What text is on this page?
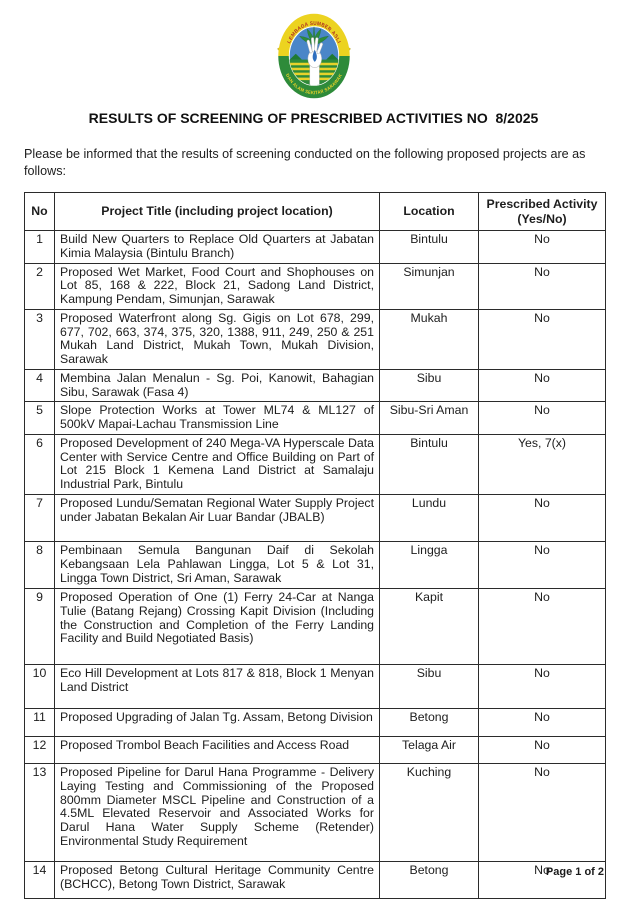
LEMBAGA SUMBER ASLI
DAN ALAM SEKITAR SARAWAK
RESULTS OF SCREENING OF PRESCRIBED ACTIVITIES NO  8/2025

Please be informed that the results of screening conducted on the following proposed projects are as follows:

No	Project Title (including project location)	Location	Prescribed Activity (Yes/No)
1	Build New Quarters to Replace Old Quarters at Jabatan Kimia Malaysia (Bintulu Branch)	Bintulu	No
2	Proposed Wet Market, Food Court and Shophouses on Lot 85, 168 & 222, Block 21, Sadong Land District, Kampung Pendam, Simunjan, Sarawak	Simunjan	No
3	Proposed Waterfront along Sg. Gigis on Lot 678, 299, 677, 702, 663, 374, 375, 320, 1388, 911, 249, 250 & 251 Mukah Land District, Mukah Town, Mukah Division, Sarawak	Mukah	No
4	Membina Jalan Menalun - Sg. Poi, Kanowit, Bahagian Sibu, Sarawak (Fasa 4)	Sibu	No
5	Slope Protection Works at Tower ML74 & ML127 of 500kV Mapai-Lachau Transmission Line	Sibu-Sri Aman	No
6	Proposed Development of 240 Mega-VA Hyperscale Data Center with Service Centre and Office Building on Part of Lot 215 Block 1 Kemena Land District at Samalaju Industrial Park, Bintulu	Bintulu	Yes, 7(x)
7	Proposed Lundu/Sematan Regional Water Supply Project under Jabatan Bekalan Air Luar Bandar (JBALB)	Lundu	No
8	Pembinaan Semula Bangunan Daif di Sekolah Kebangsaan Lela Pahlawan Lingga, Lot 5 & Lot 31, Lingga Town District, Sri Aman, Sarawak	Lingga	No
9	Proposed Operation of One (1) Ferry 24-Car at Nanga Tulie (Batang Rejang) Crossing Kapit Division (Including the Construction and Completion of the Ferry Landing Facility and Build Negotiated Basis)	Kapit	No
10	Eco Hill Development at Lots 817 & 818, Block 1 Menyan Land District	Sibu	No
11	Proposed Upgrading of Jalan Tg. Assam, Betong Division	Betong	No
12	Proposed Trombol Beach Facilities and Access Road	Telaga Air	No
13	Proposed Pipeline for Darul Hana Programme - Delivery Laying Testing and Commissioning of the Proposed 800mm Diameter MSCL Pipeline and Construction of a 4.5ML Elevated Reservoir and Associated Works for Darul Hana Water Supply Scheme (Retender) Environmental Study Requirement	Kuching	No
14	Proposed Betong Cultural Heritage Community Centre (BCHCC), Betong Town District, Sarawak	Betong	No
Page 1 of 2
